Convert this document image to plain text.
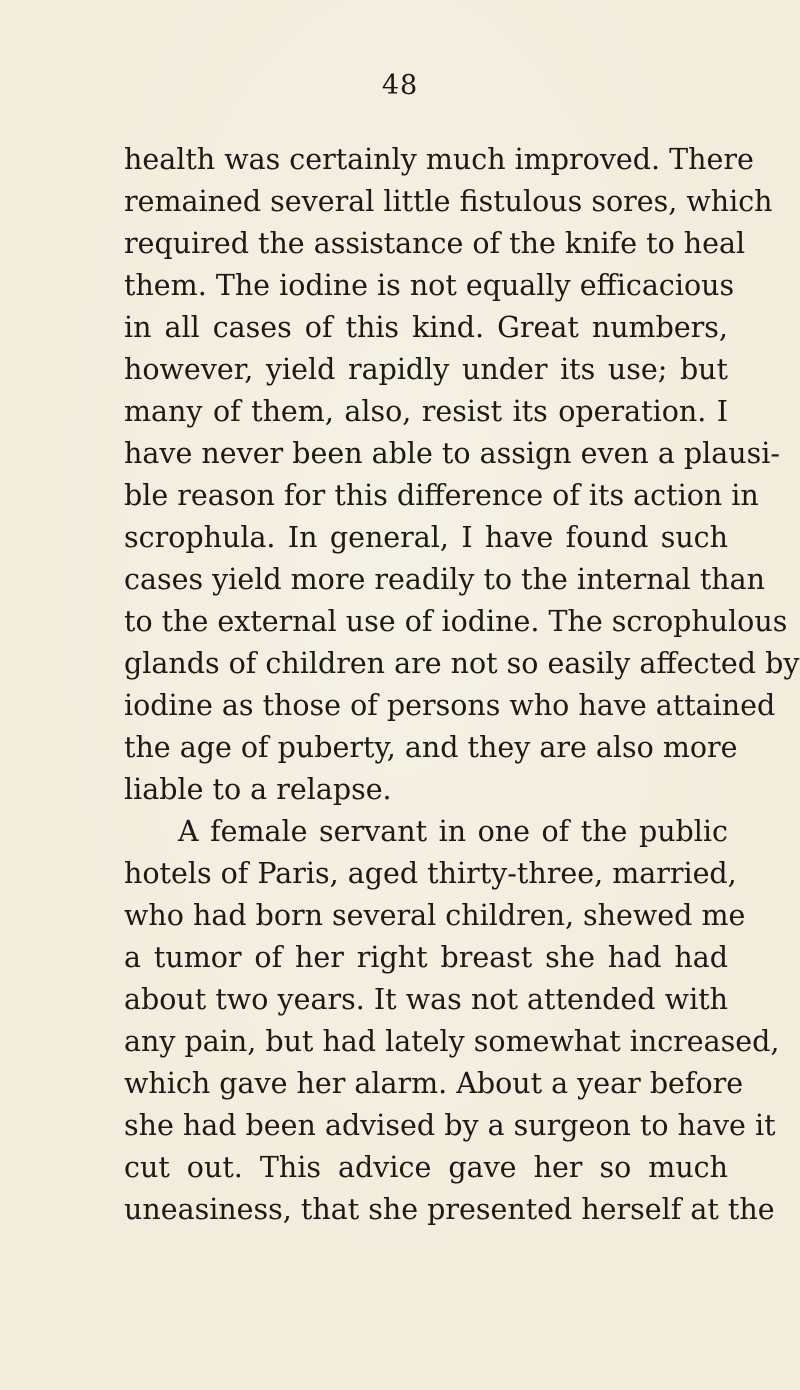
48
health was certainly much improved. There
remained several little fistulous sores, which
required the assistance of the knife to heal
them. The iodine is not equally efficacious
in all cases of this kind. Great numbers,
however, yield rapidly under its use; but
many of them, also, resist its operation. I
have never been able to assign even a plausi-
ble reason for this difference of its action in
scrophula. In general, I have found such
cases yield more readily to the internal than
to the external use of iodine. The scrophulous
glands of children are not so easily affected by
iodine as those of persons who have attained
the age of puberty, and they are also more
liable to a relapse.
A female servant in one of the public
hotels of Paris, aged thirty-three, married,
who had born several children, shewed me
a tumor of her right breast she had had
about two years. It was not attended with
any pain, but had lately somewhat increased,
which gave her alarm. About a year before
she had been advised by a surgeon to have it
cut out. This advice gave her so much
uneasiness, that she presented herself at the
